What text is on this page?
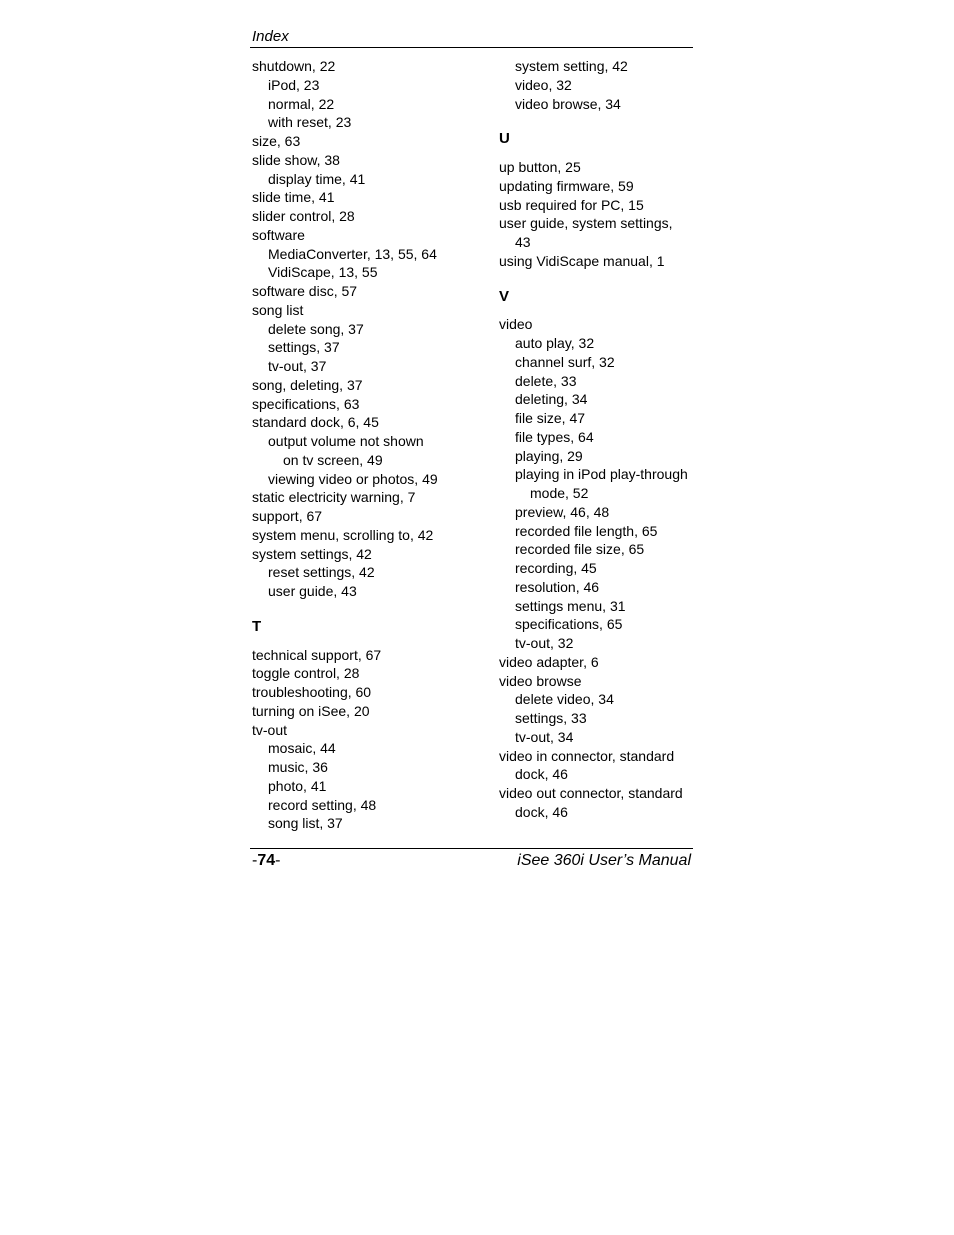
Index
shutdown, 22
iPod, 23
normal, 22
with reset, 23
size, 63
slide show, 38
display time, 41
slide time, 41
slider control, 28
software
MediaConverter, 13, 55, 64
VidiScape, 13, 55
software disc, 57
song list
delete song, 37
settings, 37
tv-out, 37
song, deleting, 37
specifications, 63
standard dock, 6, 45
output volume not shown
on tv screen, 49
viewing video or photos, 49
static electricity warning, 7
support, 67
system menu, scrolling to, 42
system settings, 42
reset settings, 42
user guide, 43
T
technical support, 67
toggle control, 28
troubleshooting, 60
turning on iSee, 20
tv-out
mosaic, 44
music, 36
photo, 41
record setting, 48
song list, 37
system setting, 42
video, 32
video browse, 34
U
up button, 25
updating firmware, 59
usb required for PC, 15
user guide, system settings,
43
using VidiScape manual, 1
V
video
auto play, 32
channel surf, 32
delete, 33
deleting, 34
file size, 47
file types, 64
playing, 29
playing in iPod play-through
mode, 52
preview, 46, 48
recorded file length, 65
recorded file size, 65
recording, 45
resolution, 46
settings menu, 31
specifications, 65
tv-out, 32
video adapter, 6
video browse
delete video, 34
settings, 33
tv-out, 34
video in connector, standard
dock, 46
video out connector, standard
dock, 46
-74-	iSee 360i User’s Manual
